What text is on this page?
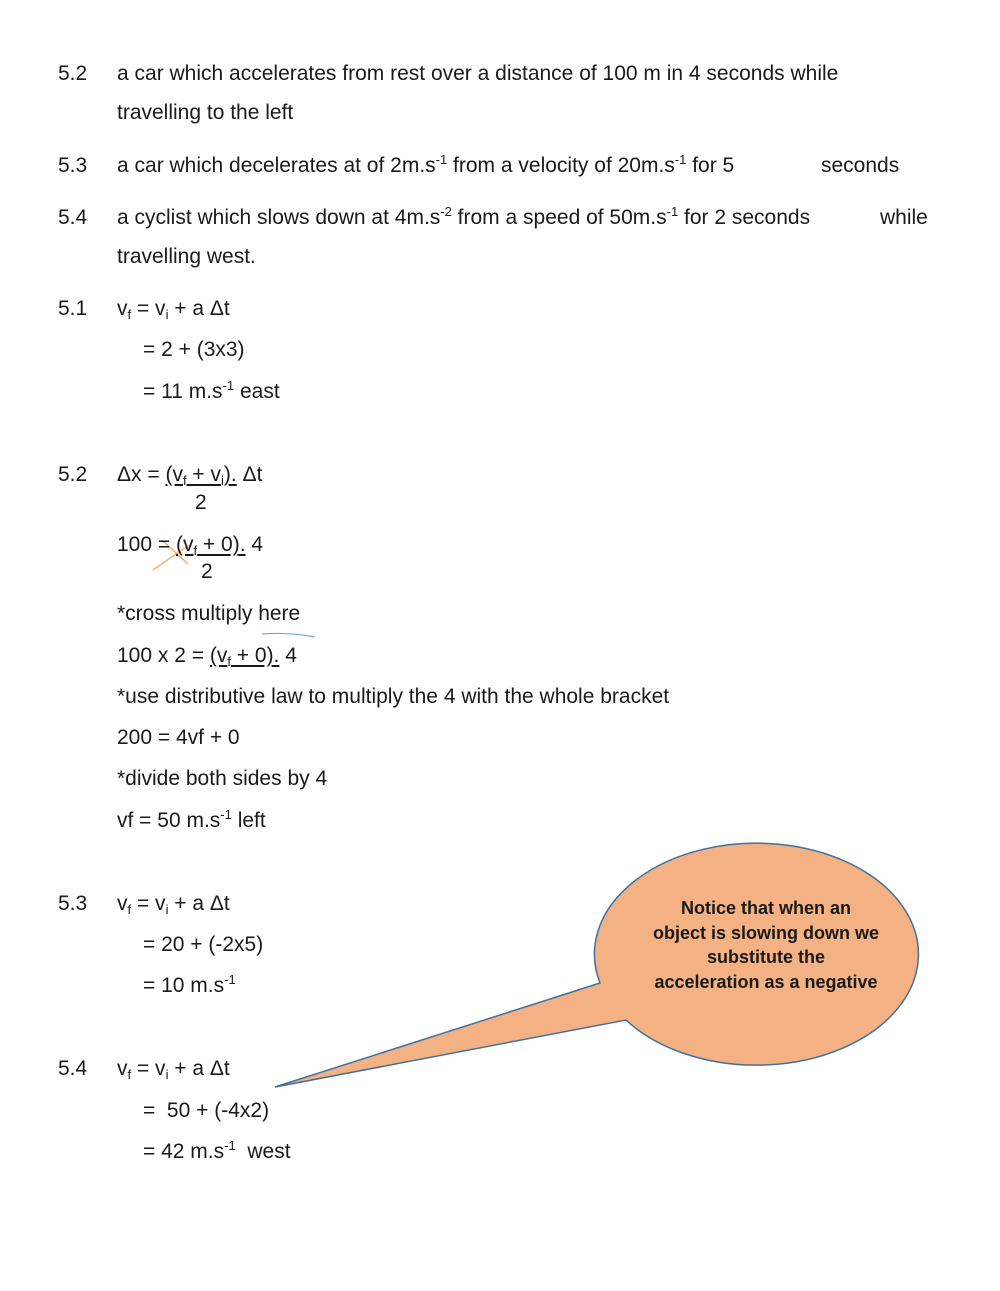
Notice that when an object is slowing down we substitute the acceleration as a negative
5.2 a car which accelerates from rest over a distance of 100 m in 4 seconds while
travelling to the left
5.3 a car which decelerates at of $2m.s^{-1}$ from a velocity of $20m.s^{-1}$ for 5	seconds
5.4 a cyclist which slows down at $4m.s^{-2}$ from a speed of $50m.s^{-1}$ for 2 seconds	while
travelling west.
5.1 $v_f = v_i + a$ Δt
= 2 + (3x3)
= 11 $m.s^{-1}$ east
5.2 $\Delta x = (v_f + v_i)$. Δt
2
$100 = (v_f + 0)$. 4
2
*cross multiply here
100 x $2 = (v_f + 0)$. 4
*use distributive law to multiply the 4 with the whole bracket
200 = 4vf + 0
*divide both sides by 4
vf = 50 $m.s^{-1}$ left
5.3 $v_f = v_i + a$ Δt
= 20 + (-2x5)
= 10 $m.s^{-1}$
5.4 $v_f = v_i + a$ Δt
=  50 + (-4x2)
= 42 $m.s^{-1}$  west
